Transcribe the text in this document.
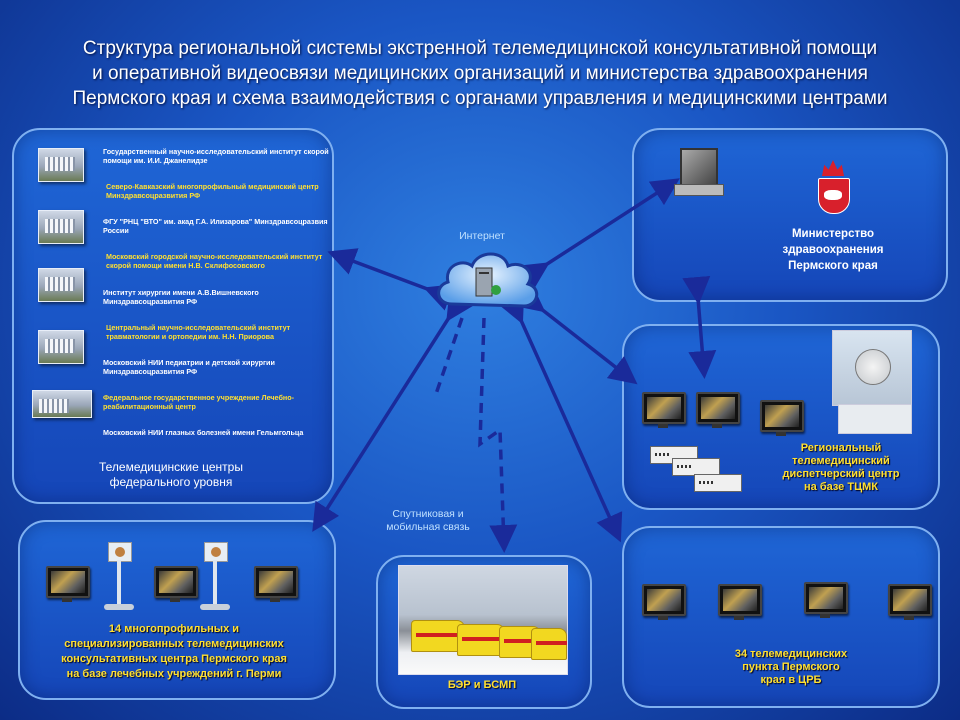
Структура региональной системы экстренной телемедицинской консультативной помощи
и оперативной видеосвязи медицинских организаций и министерства здравоохранения
Пермского края и схема взаимодействия с органами управления и медицинскими центрами
Государственный научно-исследовательский институт скорой помощи им. И.И. Джанелидзе
Северо-Кавказский многопрофильный медицинский центр Минздравсоцразвития РФ
ФГУ "РНЦ "ВТО" им. акад Г.А. Илизарова" Минздравсоцразвия России
Московский городской научно-исследовательский институт скорой помощи имени Н.В. Склифосовского
Институт хирургии имени А.В.Вишневского Минздравсоцразвития РФ
Центральный научно-исследовательский институт травматологии и ортопедии им. Н.Н. Приорова
Московский НИИ педиатрии и детской хирургии Минздравсоцразвития РФ
Федеральное государственное учреждение Лечебно-реабилитационный центр
Московский НИИ глазных болезней имени Гельмгольца
Телемедицинские центры
федерального уровня
Интернет	Министерство
здравоохранения
Пермского края
Региональный
телемедицинский
диспетчерский центр
на базе ТЦМК
Спутниковая и
мобильная связь
14 многопрофильных и
специализированных телемедицинских
консультативных центра Пермского края
на базе лечебных учреждений г. Перми
БЭР и БСМП
34 телемедицинских
пункта Пермского
края в ЦРБ
